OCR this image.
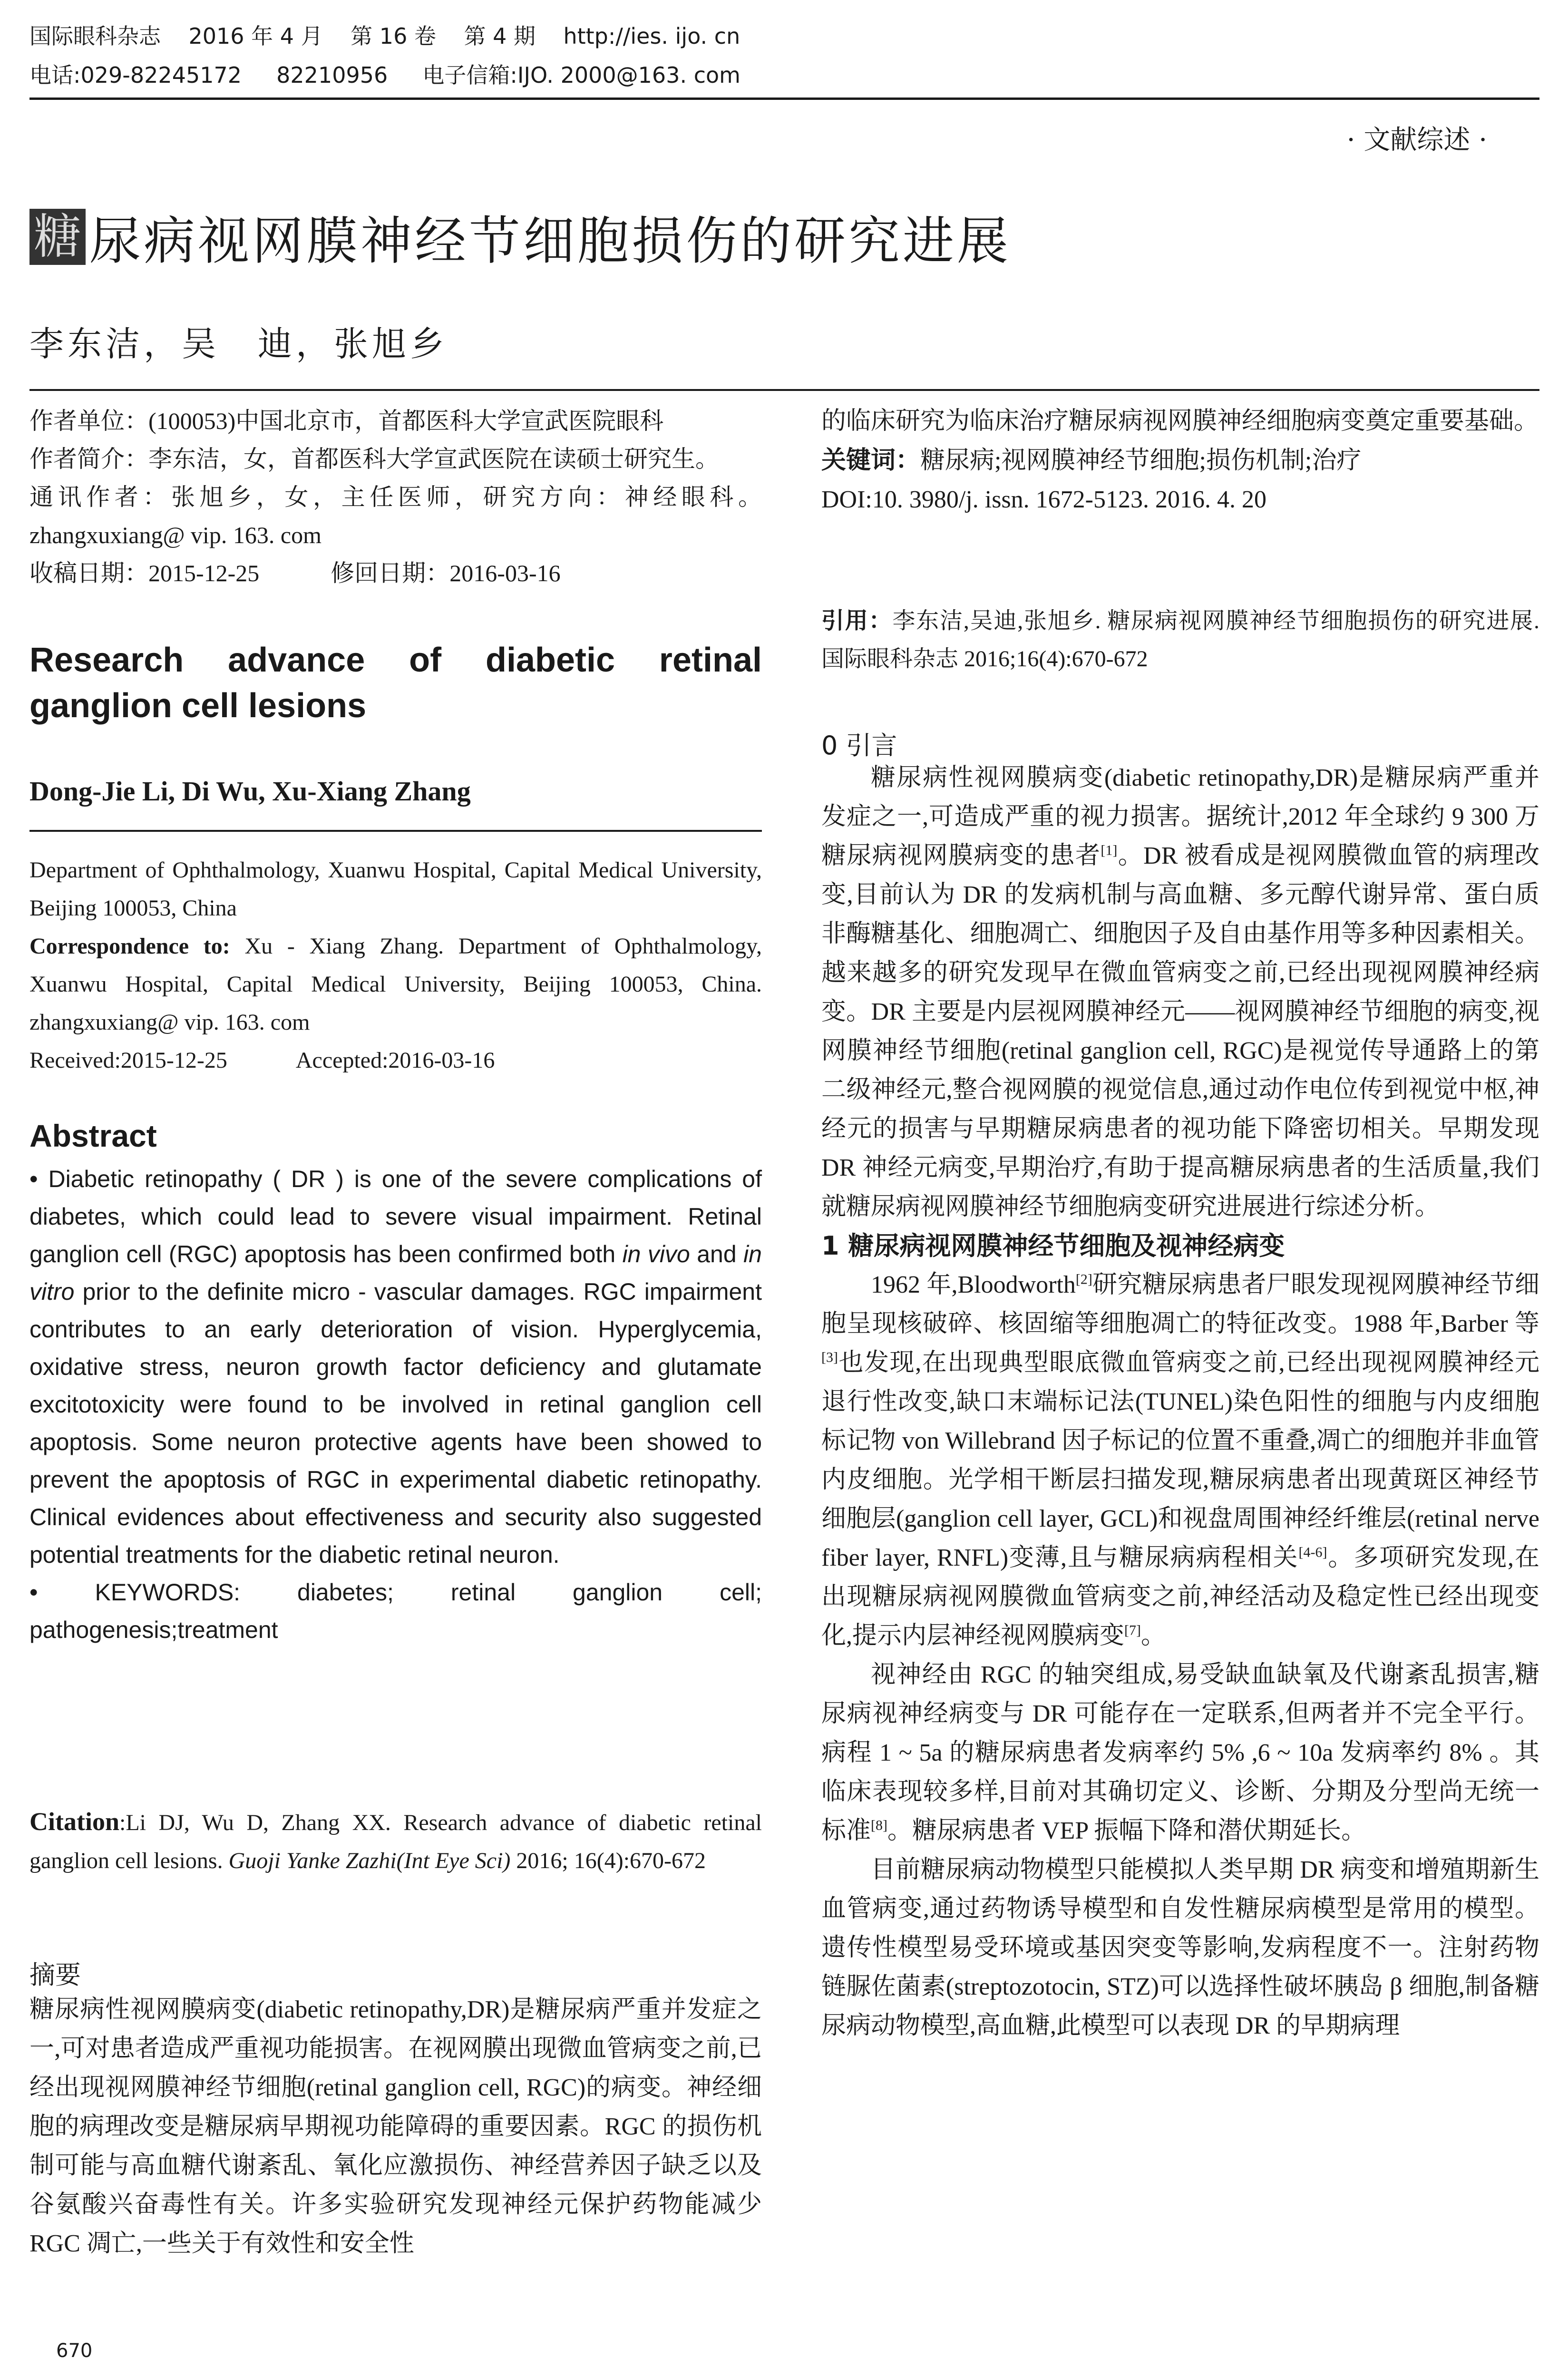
国际眼科杂志    2016 年 4 月    第 16 卷    第 4 期    http://ies. ijo. cn
电话:029-82245172     82210956     电子信箱:IJO. 2000@163. com
· 文献综述 ·
糖 尿病视网膜神经节细胞损伤的研究进展
李东洁，吴　迪，张旭乡

作者单位：(100053)中国北京市，首都医科大学宣武医院眼科

作者简介：李东洁，女，首都医科大学宣武医院在读硕士研究生。

通讯作者：张旭乡，女，主任医师，研究方向：神经眼科。zhangxuxiang@ vip. 163. com

收稿日期：2015-12-25　　　修回日期：2016-03-16

Research advance of diabetic retinal ganglion cell lesions
Dong-Jie Li, Di Wu, Xu-Xiang Zhang

Department of Ophthalmology, Xuanwu Hospital, Capital Medical University, Beijing 100053, China

Correspondence to: Xu - Xiang Zhang. Department of Ophthalmology, Xuanwu Hospital, Capital Medical University, Beijing 100053, China. zhangxuxiang@ vip. 163. com

Received:2015-12-25　　　Accepted:2016-03-16

Abstract

• Diabetic retinopathy ( DR ) is one of the severe complications of diabetes, which could lead to severe visual impairment. Retinal ganglion cell (RGC) apoptosis has been confirmed both in vivo and in vitro prior to the definite micro - vascular damages. RGC impairment contributes to an early deterioration of vision. Hyperglycemia, oxidative stress, neuron growth factor deficiency and glutamate excitotoxicity were found to be involved in retinal ganglion cell apoptosis. Some neuron protective agents have been showed to prevent the apoptosis of RGC in experimental diabetic retinopathy. Clinical evidences about effectiveness and security also suggested potential treatments for the diabetic retinal neuron.

• KEYWORDS: diabetes; retinal ganglion cell; pathogenesis;treatment

Citation:Li DJ, Wu D, Zhang XX. Research advance of diabetic retinal ganglion cell lesions. Guoji Yanke Zazhi(Int Eye Sci) 2016; 16(4):670-672
摘要
糖尿病性视网膜病变(diabetic retinopathy,DR)是糖尿病严重并发症之一,可对患者造成严重视功能损害。在视网膜出现微血管病变之前,已经出现视网膜神经节细胞(retinal ganglion cell, RGC)的病变。神经细胞的病理改变是糖尿病早期视功能障碍的重要因素。RGC 的损伤机制可能与高血糖代谢紊乱、氧化应激损伤、神经营养因子缺乏以及谷氨酸兴奋毒性有关。许多实验研究发现神经元保护药物能减少 RGC 凋亡,一些关于有效性和安全性

的临床研究为临床治疗糖尿病视网膜神经细胞病变奠定重要基础。

关键词：糖尿病;视网膜神经节细胞;损伤机制;治疗

DOI:10. 3980/j. issn. 1672-5123. 2016. 4. 20

引用：李东洁,吴迪,张旭乡. 糖尿病视网膜神经节细胞损伤的研究进展. 国际眼科杂志 2016;16(4):670-672
0 引言

糖尿病性视网膜病变(diabetic retinopathy,DR)是糖尿病严重并发症之一,可造成严重的视力损害。据统计,2012 年全球约 9 300 万糖尿病视网膜病变的患者[1]。DR 被看成是视网膜微血管的病理改变,目前认为 DR 的发病机制与高血糖、多元醇代谢异常、蛋白质非酶糖基化、细胞凋亡、细胞因子及自由基作用等多种因素相关。越来越多的研究发现早在微血管病变之前,已经出现视网膜神经病变。DR 主要是内层视网膜神经元——视网膜神经节细胞的病变,视网膜神经节细胞(retinal ganglion cell, RGC)是视觉传导通路上的第二级神经元,整合视网膜的视觉信息,通过动作电位传到视觉中枢,神经元的损害与早期糖尿病患者的视功能下降密切相关。早期发现 DR 神经元病变,早期治疗,有助于提高糖尿病患者的生活质量,我们就糖尿病视网膜神经节细胞病变研究进展进行综述分析。

1 糖尿病视网膜神经节细胞及视神经病变

1962 年,Bloodworth[2]研究糖尿病患者尸眼发现视网膜神经节细胞呈现核破碎、核固缩等细胞凋亡的特征改变。1988 年,Barber 等[3]也发现,在出现典型眼底微血管病变之前,已经出现视网膜神经元退行性改变,缺口末端标记法(TUNEL)染色阳性的细胞与内皮细胞标记物 von Willebrand 因子标记的位置不重叠,凋亡的细胞并非血管内皮细胞。光学相干断层扫描发现,糖尿病患者出现黄斑区神经节细胞层(ganglion cell layer, GCL)和视盘周围神经纤维层(retinal nerve fiber layer, RNFL)变薄,且与糖尿病病程相关[4-6]。多项研究发现,在出现糖尿病视网膜微血管病变之前,神经活动及稳定性已经出现变化,提示内层神经视网膜病变[7]。

视神经由 RGC 的轴突组成,易受缺血缺氧及代谢紊乱损害,糖尿病视神经病变与 DR 可能存在一定联系,但两者并不完全平行。病程 1 ~ 5a 的糖尿病患者发病率约 5% ,6 ~ 10a 发病率约 8% 。其临床表现较多样,目前对其确切定义、诊断、分期及分型尚无统一标准[8]。糖尿病患者 VEP 振幅下降和潜伏期延长。

目前糖尿病动物模型只能模拟人类早期 DR 病变和增殖期新生血管病变,通过药物诱导模型和自发性糖尿病模型是常用的模型。遗传性模型易受环境或基因突变等影响,发病程度不一。注射药物链脲佐菌素(streptozotocin, STZ)可以选择性破坏胰岛 β 细胞,制备糖尿病动物模型,高血糖,此模型可以表现 DR 的早期病理

670
